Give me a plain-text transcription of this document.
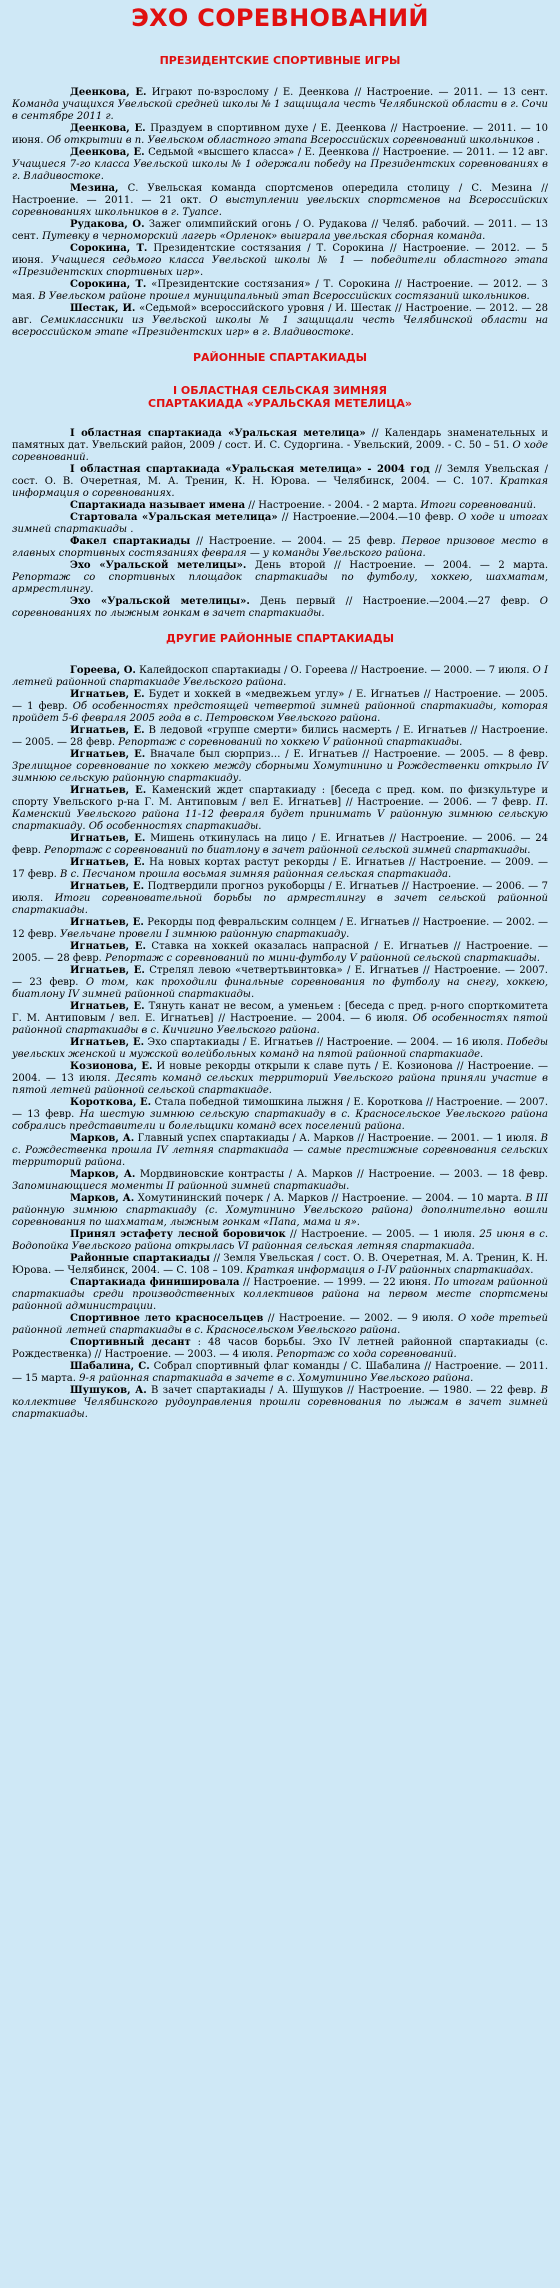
ЭХО СОРЕВНОВАНИЙ
ПРЕЗИДЕНТСКИЕ СПОРТИВНЫЕ ИГРЫ

Деенкова, Е. Играют по-взрослому / Е. Деенкова // Настроение. — 2011. — 13 сент. Команда учащихся Увельской средней школы № 1 защищала честь Челябинской области в г. Сочи в сентябре 2011 г.

Деенкова, Е. Праздуем в спортивном духе / Е. Деенкова // Настроение. — 2011. — 10 июня. Об открытии в п. Увельском областного этапа Всероссийских соревнований школьников .

Деенкова, Е. Седьмой «высшего класса» / Е. Деенкова // Настроение. — 2011. — 12 авг. Учащиеся 7-го класса Увельской школы № 1 одержали победу на Президентских соревнованиях в г. Владивостоке.

Мезина, С. Увельская команда спортсменов опередила столицу / С. Мезина // Настроение. — 2011. — 21 окт. О выступлении увельских спортсменов на Всероссийских соревнованиях школьников в г. Туапсе.

Рудакова, О. Зажег олимпийский огонь / О. Рудакова // Челяб. рабочий. — 2011. — 13 сент. Путевку в черноморский лагерь «Орленок» выиграла увельская сборная команда.

Сорокина, Т. Президентские состязания / Т. Сорокина // Настроение. — 2012. — 5 июня. Учащиеся седьмого класса Увельской школы № 1 — победители областного этапа «Президентских спортивных игр».

Сорокина, Т. «Президентские состязания» / Т. Сорокина // Настроение. — 2012. — 3 мая. В Увельском районе прошел муниципальный этап Всероссийских состязаний школьников.

Шестак, И. «Седьмой» всероссийского уровня / И. Шестак // Настроение. — 2012. — 28 авг. Семиклассники из Увельской школы № 1 защищали честь Челябинской области на всероссийском этапе «Президентских игр» в г. Владивостоке.

РАЙОННЫЕ СПАРТАКИАДЫ
I ОБЛАСТНАЯ СЕЛЬСКАЯ ЗИМНЯЯ
СПАРТАКИАДА «УРАЛЬСКАЯ МЕТЕЛИЦА»

I областная спартакиада «Уральская метелица» // Календарь знаменательных и памятных дат. Увельский район, 2009 / сост. И. С. Судоргина. - Увельский, 2009. - С. 50 – 51. О ходе соревнований.

I областная спартакиада «Уральская метелица» - 2004 год // Земля Увельская / сост. О. В. Очеретная, М. А. Тренин, К. Н. Юрова. — Челябинск, 2004. — С. 107. Краткая информация о соревнованиях.

Спартакиада называет имена // Настроение. - 2004. - 2 марта. Итоги соревнований.

Стартовала «Уральская метелица» // Настроение.—2004.—10 февр. О ходе и итогах зимней спартакиады .

Факел спартакиады // Настроение. — 2004. — 25 февр. Первое призовое место в главных спортивных состязаниях февраля — у команды Увельского района.

Эхо «Уральской метелицы». День второй // Настроение. — 2004. — 2 марта. Репортаж со спортивных площадок спартакиады по футболу, хоккею, шахматам, армрестлингу.

Эхо «Уральской метелицы». День первый // Настроение.—2004.—27 февр. О соревнованиях по лыжным гонкам в зачет спартакиады.

ДРУГИЕ РАЙОННЫЕ СПАРТАКИАДЫ

Гореева, О. Калейдоскоп спартакиады / О. Гореева // Настроение. — 2000. — 7 июля. О I летней районной спартакиаде Увельского района.

Игнатьев, Е. Будет и хоккей в «медвежьем углу» / Е. Игнатьев // Настроение. — 2005. — 1 февр. Об особенностях предстоящей четвертой зимней районной спартакиады, которая пройдет 5-6 февраля 2005 года в с. Петровском Увельского района.

Игнатьев, Е. В ледовой «группе смерти» бились насмерть / Е. Игнатьев // Настроение. — 2005. — 28 февр. Репортаж с соревнований по хоккею V районной спартакиады.

Игнатьев, Е. Вначале был сюрприз… / Е. Игнатьев // Настроение. — 2005. — 8 февр. Зрелищное соревнование по хоккею между сборными Хомутинино и Рождественки открыло IV зимнюю сельскую районную спартакиаду.

Игнатьев, Е. Каменский ждет спартакиаду : [беседа с пред. ком. по физкультуре и спорту Увельского р-на Г. М. Антиповым / вел Е. Игнатьев] // Настроение. — 2006. — 7 февр. П. Каменский Увельского района 11-12 февраля будет принимать V районную зимнюю сельскую спартакиаду. Об особенностях спартакиады.

Игнатьев, Е. Мишень откинулась на лицо / Е. Игнатьев // Настроение. — 2006. — 24 февр. Репортаж с соревнований по биатлону в зачет районной сельской зимней спартакиады.

Игнатьев, Е. На новых кортах растут рекорды / Е. Игнатьев // Настроение. — 2009. — 17 февр. В с. Песчаном прошла восьмая зимняя районная сельская спартакиада.

Игнатьев, Е. Подтвердили прогноз рукоборцы / Е. Игнатьев // Настроение. — 2006. — 7 июля. Итоги соревновательной борьбы по армрестлингу в зачет сельской районной спартакиады.

Игнатьев, Е. Рекорды под февральским солнцем / Е. Игнатьев // Настроение. — 2002. — 12 февр. Увельчане провели I зимнюю районную спартакиаду.

Игнатьев, Е. Ставка на хоккей оказалась напрасной / Е. Игнатьев // Настроение. — 2005. — 28 февр. Репортаж с соревнований по мини-футболу V районной сельской спартакиады.

Игнатьев, Е. Стрелял левою «четвертьвинтовка» / Е. Игнатьев // Настроение. — 2007. — 23 февр. О том, как проходили финальные соревнования по футболу на снегу, хоккею, биатлону IV зимней районной спартакиады.

Игнатьев, Е. Тянуть канат не весом, а уменьем : [беседа с пред. р-ного спорткомитета Г. М. Антиповым / вел. Е. Игнатьев] // Настроение. — 2004. — 6 июля. Об особенностях пятой районной спартакиады в с. Кичигино Увельского района.

Игнатьев, Е. Эхо спартакиады / Е. Игнатьев // Настроение. — 2004. — 16 июля. Победы увельских женской и мужской волейбольных команд на пятой районной спартакиаде.

Козионова, Е. И новые рекорды открыли к славе путь / Е. Козионова // Настроение. — 2004. — 13 июля. Десять команд сельских территорий Увельского района приняли участие в пятой летней районной сельской спартакиаде.

Короткова, Е. Стала победной тимошкина лыжня / Е. Короткова // Настроение. — 2007. — 13 февр. На шестую зимнюю сельскую спартакиаду в с. Красносельское Увельского района собрались представители и болельщики команд всех поселений района.

Марков, А. Главный успех спартакиады / А. Марков // Настроение. — 2001. — 1 июля. В с. Рождественка прошла IV летняя спартакиада — самые престижные соревнования сельских территорий района.

Марков, А. Мордвиновские контрасты / А. Марков // Настроение. — 2003. — 18 февр. Запоминающиеся моменты II районной зимней спартакиады.

Марков, А. Хомутининский почерк / А. Марков // Настроение. — 2004. — 10 марта. В III районную зимнюю спартакиаду (с. Хомутинино Увельского района) дополнительно вошли соревнования по шахматам, лыжным гонкам «Папа, мама и я».

Принял эстафету лесной боровичок // Настроение. — 2005. — 1 июля. 25 июня в с. Водопойка Увельского района открылась VI районная сельская летняя спартакиада.

Районные спартакиады // Земля Увельская / сост. О. В. Очеретная, М. А. Тренин, К. Н. Юрова. — Челябинск, 2004. — С. 108 – 109. Краткая информация о I-IV районных спартакиадах.

Спартакиада финишировала // Настроение. — 1999. — 22 июня. По итогам районной спартакиады среди производственных коллективов района на первом месте спортсмены районной администрации.

Спортивное лето красносельцев // Настроение. — 2002. — 9 июля. О ходе третьей районной летней спартакиады в с. Красносельском Увельского района.

Спортивный десант : 48 часов борьбы. Эхо IV летней районной спартакиады (с. Рождественка) // Настроение. — 2003. — 4 июля. Репортаж со хода соревнований.

Шабалина, С. Собрал спортивный флаг команды / С. Шабалина // Настроение. — 2011. — 15 марта. 9-я районная спартакиада в зачете в с. Хомутинино Увельского района.

Шушуков, А. В зачет спартакиады / А. Шушуков // Настроение. — 1980. — 22 февр. В коллективе Челябинского рудоуправления прошли соревнования по лыжам в зачет зимней спартакиады.
